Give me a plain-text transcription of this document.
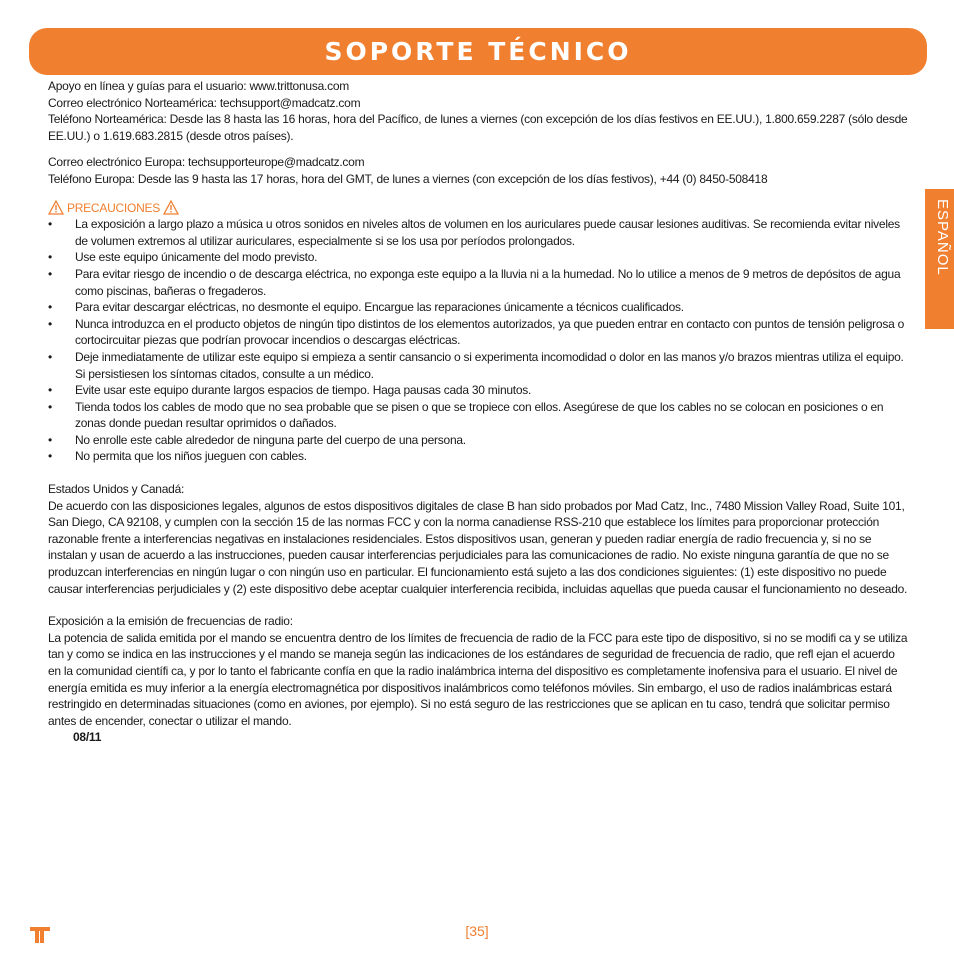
SOPORTE TÉCNICO
ESPAÑOL

Apoyo en línea y guías para el usuario: www.trittonusa.com

Correo electrónico Norteamérica: techsupport@madcatz.com

Teléfono Norteamérica: Desde las 8 hasta las 16 horas, hora del Pacífico, de lunes a viernes (con excepción de los días festivos en EE.UU.), 1.800.659.2287 (sólo desde EE.UU.) o 1.619.683.2815 (desde otros países).

Correo electrónico Europa: techsupporteurope@madcatz.com

Teléfono Europa: Desde las 9 hasta las 17 horas, hora del GMT, de lunes a viernes (con excepción de los días festivos), +44 (0) 8450-508418

PRECAUCIONES
• La exposición a largo plazo a música u otros sonidos en niveles altos de volumen en los auriculares puede causar lesiones auditivas. Se recomienda evitar niveles de volumen extremos al utilizar auriculares, especialmente si se los usa por períodos prolongados.
• Use este equipo únicamente del modo previsto.
• Para evitar riesgo de incendio o de descarga eléctrica, no exponga este equipo a la lluvia ni a la humedad. No lo utilice a menos de 9 metros de depósitos de agua como piscinas, bañeras o fregaderos.
• Para evitar descargar eléctricas, no desmonte el equipo. Encargue las reparaciones únicamente a técnicos cualificados.
• Nunca introduzca en el producto objetos de ningún tipo distintos de los elementos autorizados, ya que pueden entrar en contacto con puntos de tensión peligrosa o cortocircuitar piezas que podrían provocar incendios o descargas eléctricas.
• Deje inmediatamente de utilizar este equipo si empieza a sentir cansancio o si experimenta incomodidad o dolor en las manos y/o brazos mientras utiliza el equipo. Si persistiesen los síntomas citados, consulte a un médico.
• Evite usar este equipo durante largos espacios de tiempo. Haga pausas cada 30 minutos.
• Tienda todos los cables de modo que no sea probable que se pisen o que se tropiece con ellos. Asegúrese de que los cables no se colocan en posiciones o en zonas donde puedan resultar oprimidos o dañados.
• No enrolle este cable alrededor de ninguna parte del cuerpo de una persona.
• No permita que los niños jueguen con cables.

Estados Unidos y Canadá:

De acuerdo con las disposiciones legales, algunos de estos dispositivos digitales de clase B han sido probados por Mad Catz, Inc., 7480 Mission Valley Road, Suite 101, San Diego, CA 92108, y cumplen con la sección 15 de las normas FCC y con la norma canadiense RSS-210 que establece los límites para proporcionar protección razonable frente a interferencias negativas en instalaciones residenciales. Estos dispositivos usan, generan y pueden radiar energía de radio frecuencia y, si no se instalan y usan de acuerdo a las instrucciones, pueden causar interferencias perjudiciales para las comunicaciones de radio. No existe ninguna garantía de que no se produzcan interferencias en ningún lugar o con ningún uso en particular. El funcionamiento está sujeto a las dos condiciones siguientes: (1) este dispositivo no puede causar interferencias perjudiciales y (2) este dispositivo debe aceptar cualquier interferencia recibida, incluidas aquellas que pueda causar el funcionamiento no deseado.

Exposición a la emisión de frecuencias de radio:

La potencia de salida emitida por el mando se encuentra dentro de los límites de frecuencia de radio de la FCC para este tipo de dispositivo, si no se modifi ca y se utiliza tan y como se indica en las instrucciones y el mando se maneja según las indicaciones de los estándares de seguridad de frecuencia de radio, que refl ejan el acuerdo en la comunidad científi ca, y por lo tanto el fabricante confía en que la radio inalámbrica interna del dispositivo es completamente inofensiva para el usuario. El nivel de energía emitida es muy inferior a la energía electromagnética por dispositivos inalámbricos como teléfonos móviles. Sin embargo, el uso de radios inalámbricas estará restringido en determinadas situaciones (como en aviones, por ejemplo). Si no está seguro de las restricciones que se aplican en tu caso, tendrá que solicitar permiso antes de encender, conectar o utilizar el mando.

08/11

[35]
